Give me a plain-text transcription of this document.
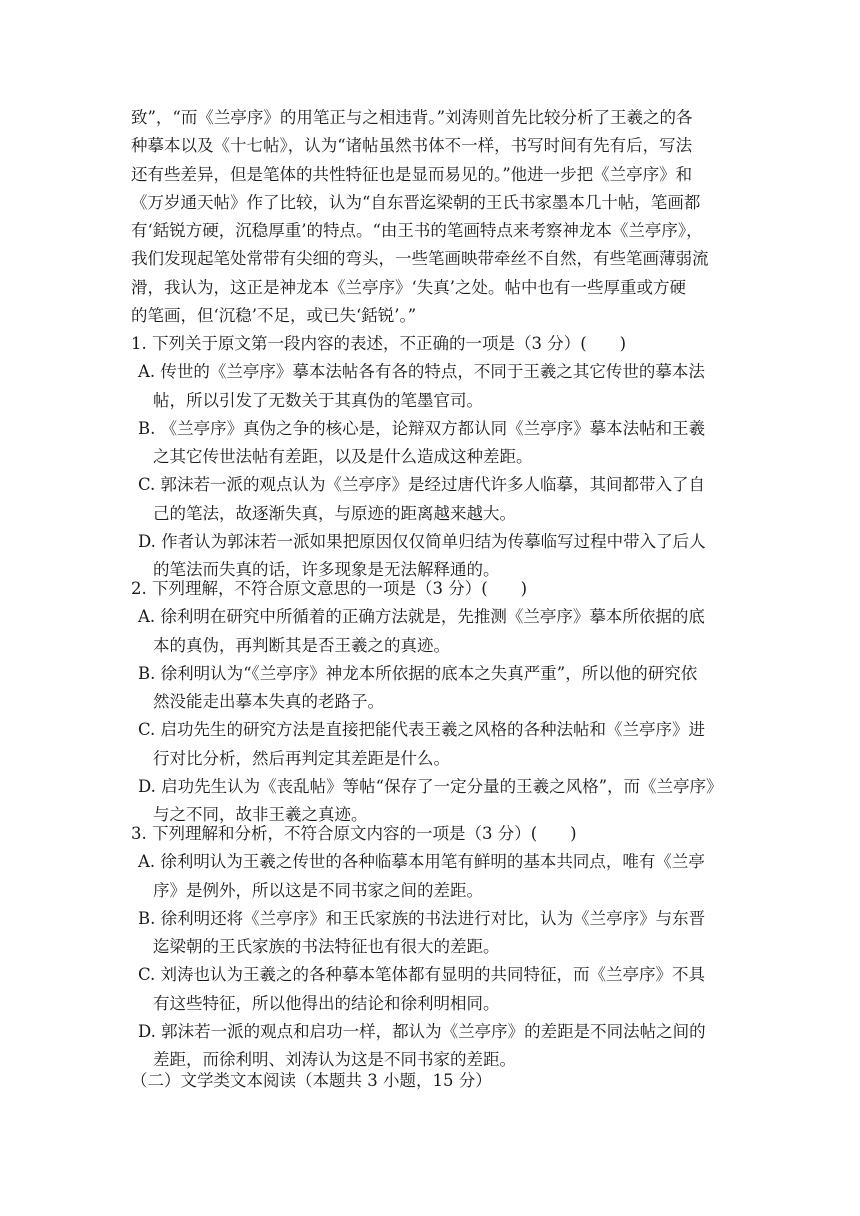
致”，“而《兰亭序》的用笔正与之相违背。”刘涛则首先比较分析了王羲之的各
种摹本以及《十七帖》，认为“诸帖虽然书体不一样，书写时间有先有后，写法
还有些差异，但是笔体的共性特征也是显而易见的。”他进一步把《兰亭序》和
《万岁通天帖》作了比较，认为“自东晋迄梁朝的王氏书家墨本几十帖，笔画都
有‘銛锐方硬，沉稳厚重’的特点。“由王书的笔画特点来考察神龙本《兰亭序》，
我们发现起笔处常带有尖细的弯头，一些笔画映带牵丝不自然，有些笔画薄弱流
滑，我认为，这正是神龙本《兰亭序》‘失真’之处。帖中也有一些厚重或方硬
的笔画，但‘沉稳’不足，或已失‘銛锐’。”
1. 下列关于原文第一段内容的表述，不正确的一项是（3 分）(　　)
A. 传世的《兰亭序》摹本法帖各有各的特点，不同于王羲之其它传世的摹本法
帖，所以引发了无数关于其真伪的笔墨官司。
B. 《兰亭序》真伪之争的核心是，论辩双方都认同《兰亭序》摹本法帖和王羲
之其它传世法帖有差距，以及是什么造成这种差距。
C. 郭沫若一派的观点认为《兰亭序》是经过唐代许多人临摹，其间都带入了自
己的笔法，故逐渐失真，与原迹的距离越来越大。
D. 作者认为郭沫若一派如果把原因仅仅简单归结为传摹临写过程中带入了后人
的笔法而失真的话，许多现象是无法解释通的。
2. 下列理解，不符合原文意思的一项是（3 分）(　　)
A. 徐利明在研究中所循着的正确方法就是，先推测《兰亭序》摹本所依据的底
本的真伪，再判断其是否王羲之的真迹。
B. 徐利明认为“《兰亭序》神龙本所依据的底本之失真严重”，所以他的研究依
然没能走出摹本失真的老路子。
C. 启功先生的研究方法是直接把能代表王羲之风格的各种法帖和《兰亭序》进
行对比分析，然后再判定其差距是什么。
D. 启功先生认为《丧乱帖》等帖“保存了一定分量的王羲之风格”，而《兰亭序》
与之不同，故非王羲之真迹。
3. 下列理解和分析，不符合原文内容的一项是（3 分）(　　)
A. 徐利明认为王羲之传世的各种临摹本用笔有鲜明的基本共同点，唯有《兰亭
序》是例外，所以这是不同书家之间的差距。
B. 徐利明还将《兰亭序》和王氏家族的书法进行对比，认为《兰亭序》与东晋
迄梁朝的王氏家族的书法特征也有很大的差距。
C. 刘涛也认为王羲之的各种摹本笔体都有显明的共同特征，而《兰亭序》不具
有这些特征，所以他得出的结论和徐利明相同。
D. 郭沫若一派的观点和启功一样，都认为《兰亭序》的差距是不同法帖之间的
差距，而徐利明、刘涛认为这是不同书家的差距。
（二）文学类文本阅读（本题共 3 小题，15 分）
